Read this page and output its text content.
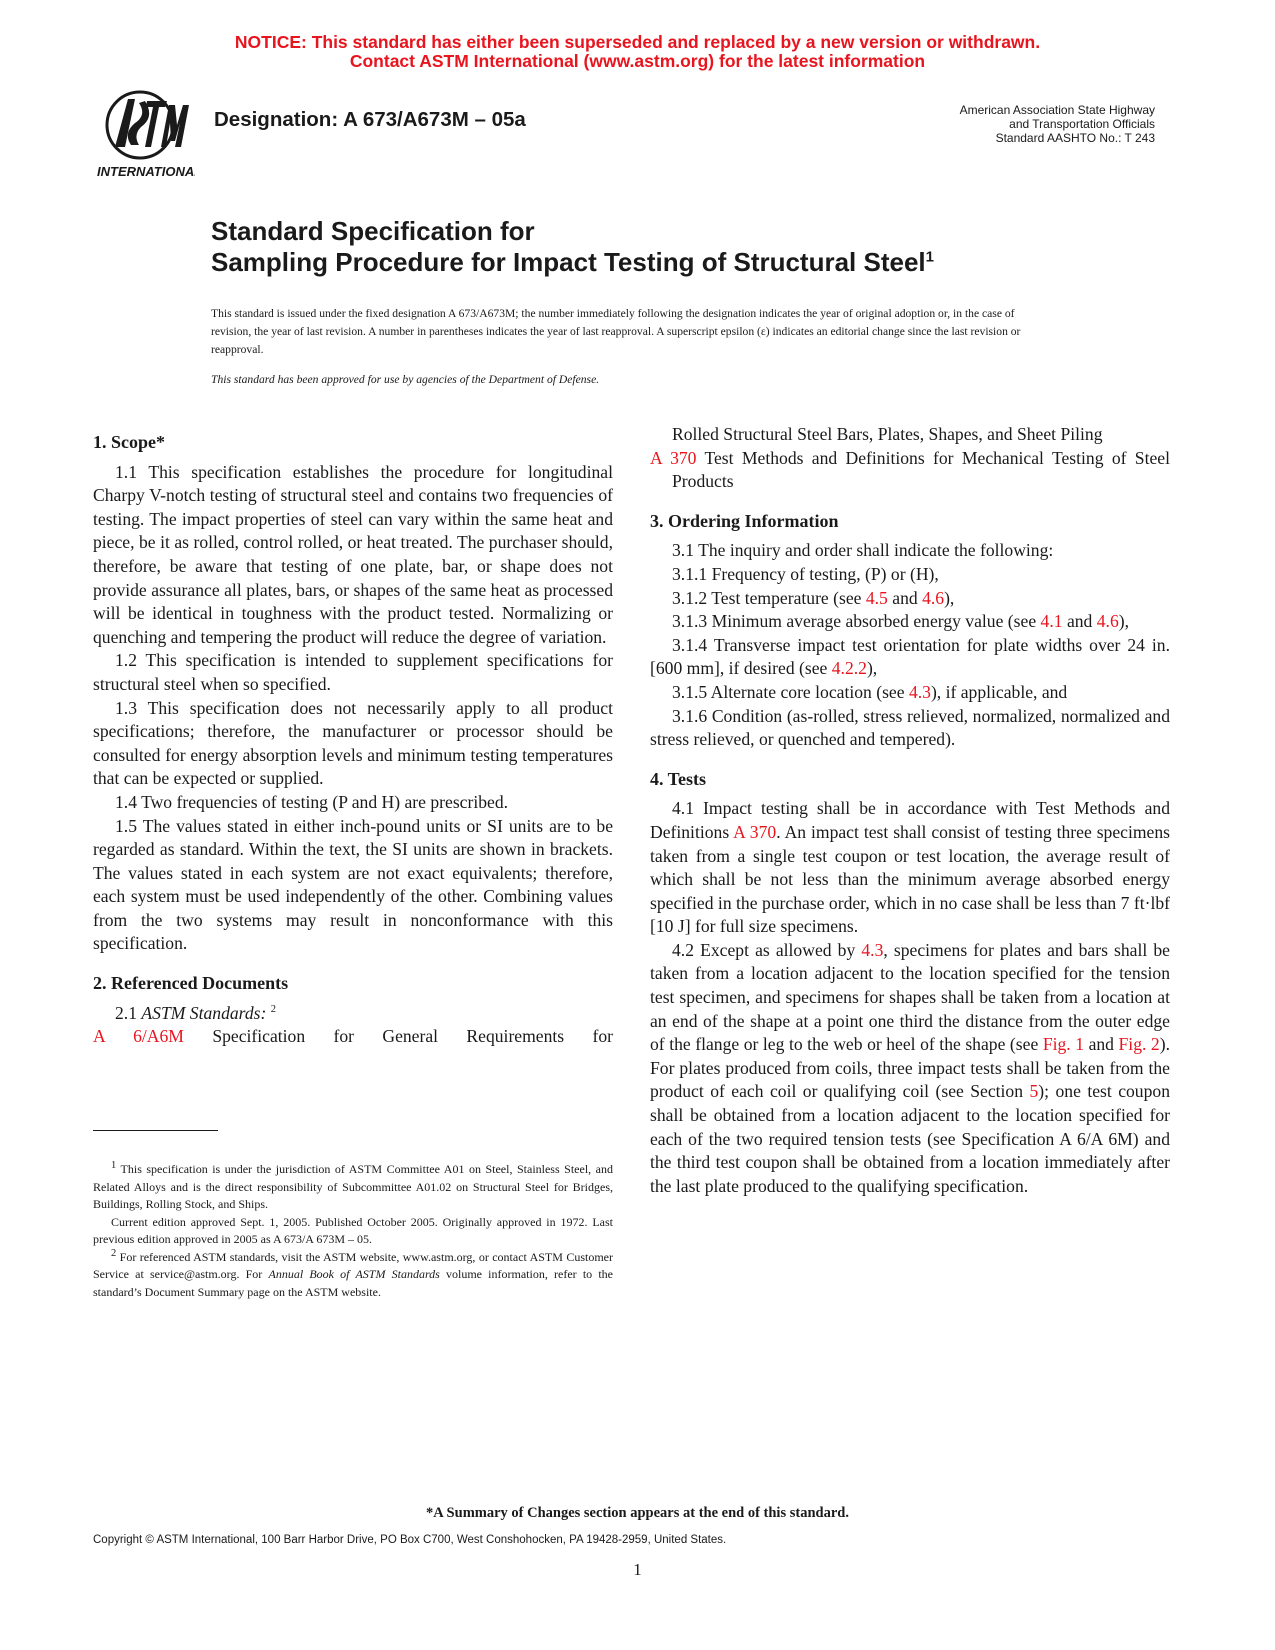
NOTICE: This standard has either been superseded and replaced by a new version or withdrawn.
Contact ASTM International (www.astm.org) for the latest information
INTERNATIONAL
Designation: A 673/A673M – 05a	American Association State Highway
and Transportation Officials
Standard AASHTO No.: T 243
Standard Specification for
Sampling Procedure for Impact Testing of Structural Steel$^1$
This standard is issued under the fixed designation A 673/A673M; the number immediately following the designation indicates the year of original adoption or, in the case of revision, the year of last revision. A number in parentheses indicates the year of last reapproval. A superscript epsilon (ε) indicates an editorial change since the last revision or reapproval.
This standard has been approved for use by agencies of the Department of Defense.
1. Scope*

1.1 This specification establishes the procedure for longitudinal Charpy V-notch testing of structural steel and contains two frequencies of testing. The impact properties of steel can vary within the same heat and piece, be it as rolled, control rolled, or heat treated. The purchaser should, therefore, be aware that testing of one plate, bar, or shape does not provide assurance all plates, bars, or shapes of the same heat as processed will be identical in toughness with the product tested. Normalizing or quenching and tempering the product will reduce the degree of variation.

1.2 This specification is intended to supplement specifications for structural steel when so specified.

1.3 This specification does not necessarily apply to all product specifications; therefore, the manufacturer or processor should be consulted for energy absorption levels and minimum testing temperatures that can be expected or supplied.

1.4 Two frequencies of testing (P and H) are prescribed.

1.5 The values stated in either inch-pound units or SI units are to be regarded as standard. Within the text, the SI units are shown in brackets. The values stated in each system are not exact equivalents; therefore, each system must be used independently of the other. Combining values from the two systems may result in nonconformance with this specification.

2. Referenced Documents

2.1 ASTM Standards: $^2$

A 6/A6M Specification for General Requirements for

Rolled Structural Steel Bars, Plates, Shapes, and Sheet Piling

A 370 Test Methods and Definitions for Mechanical Testing of Steel Products

3. Ordering Information

3.1 The inquiry and order shall indicate the following:

3.1.1 Frequency of testing, (P) or (H),

3.1.2 Test temperature (see 4.5 and 4.6),

3.1.3 Minimum average absorbed energy value (see 4.1 and 4.6),

3.1.4 Transverse impact test orientation for plate widths over 24 in. [600 mm], if desired (see 4.2.2),

3.1.5 Alternate core location (see 4.3), if applicable, and

3.1.6 Condition (as-rolled, stress relieved, normalized, normalized and stress relieved, or quenched and tempered).

4. Tests

4.1 Impact testing shall be in accordance with Test Methods and Definitions A 370. An impact test shall consist of testing three specimens taken from a single test coupon or test location, the average result of which shall be not less than the minimum average absorbed energy specified in the purchase order, which in no case shall be less than 7 ft·lbf [10 J] for full size specimens.

4.2 Except as allowed by 4.3, specimens for plates and bars shall be taken from a location adjacent to the location specified for the tension test specimen, and specimens for shapes shall be taken from a location at an end of the shape at a point one third the distance from the outer edge of the flange or leg to the web or heel of the shape (see Fig. 1 and Fig. 2). For plates produced from coils, three impact tests shall be taken from the product of each coil or qualifying coil (see Section 5); one test coupon shall be obtained from a location adjacent to the location specified for each of the two required tension tests (see Specification A 6/A 6M) and the third test coupon shall be obtained from a location immediately after the last plate produced to the qualifying specification.

$^1$ This specification is under the jurisdiction of ASTM Committee A01 on Steel, Stainless Steel, and Related Alloys and is the direct responsibility of Subcommittee A01.02 on Structural Steel for Bridges, Buildings, Rolling Stock, and Ships.

Current edition approved Sept. 1, 2005. Published October 2005. Originally approved in 1972. Last previous edition approved in 2005 as A 673/A 673M – 05.

$^2$ For referenced ASTM standards, visit the ASTM website, www.astm.org, or contact ASTM Customer Service at service@astm.org. For Annual Book of ASTM Standards volume information, refer to the standard’s Document Summary page on the ASTM website.

*A Summary of Changes section appears at the end of this standard.
Copyright © ASTM International, 100 Barr Harbor Drive, PO Box C700, West Conshohocken, PA 19428-2959, United States.
1
